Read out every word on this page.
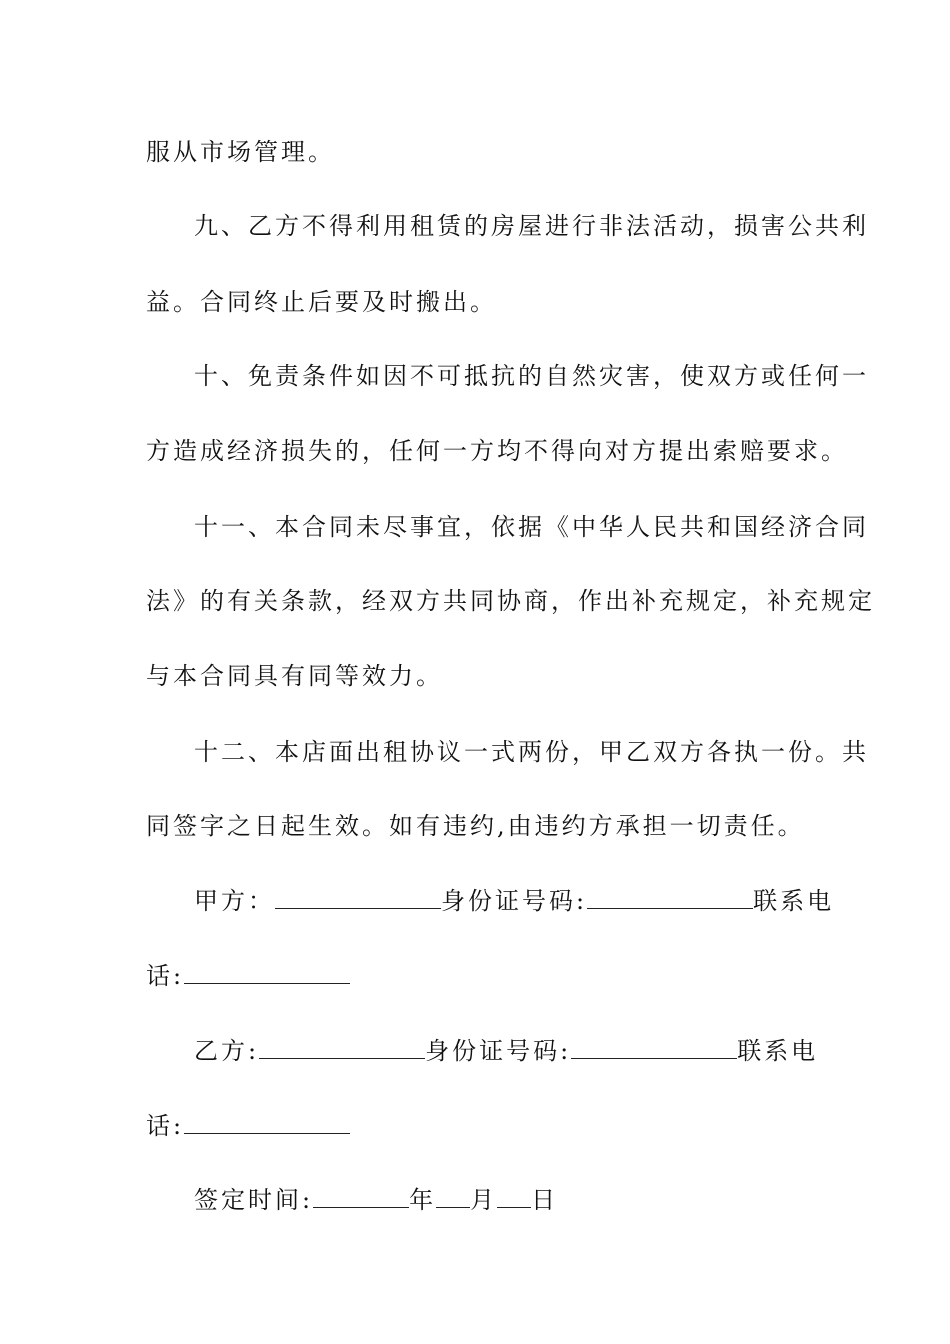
服从市场管理。
九、乙方不得利用租赁的房屋进行非法活动，损害公共利
益。合同终止后要及时搬出。
十、免责条件如因不可抵抗的自然灾害，使双方或任何一
方造成经济损失的，任何一方均不得向对方提出索赔要求。
十一、本合同未尽事宜，依据《中华人民共和国经济合同
法》的有关条款，经双方共同协商，作出补充规定，补充规定
与本合同具有同等效力。
十二、本店面出租协议一式两份，甲乙双方各执一份。共
同签字之日起生效。如有违约,由违约方承担一切责任。
甲方：	身份证号码:	联系电
话:
乙方:	身份证号码:	联系电
话:
签定时间:	年 月 日
